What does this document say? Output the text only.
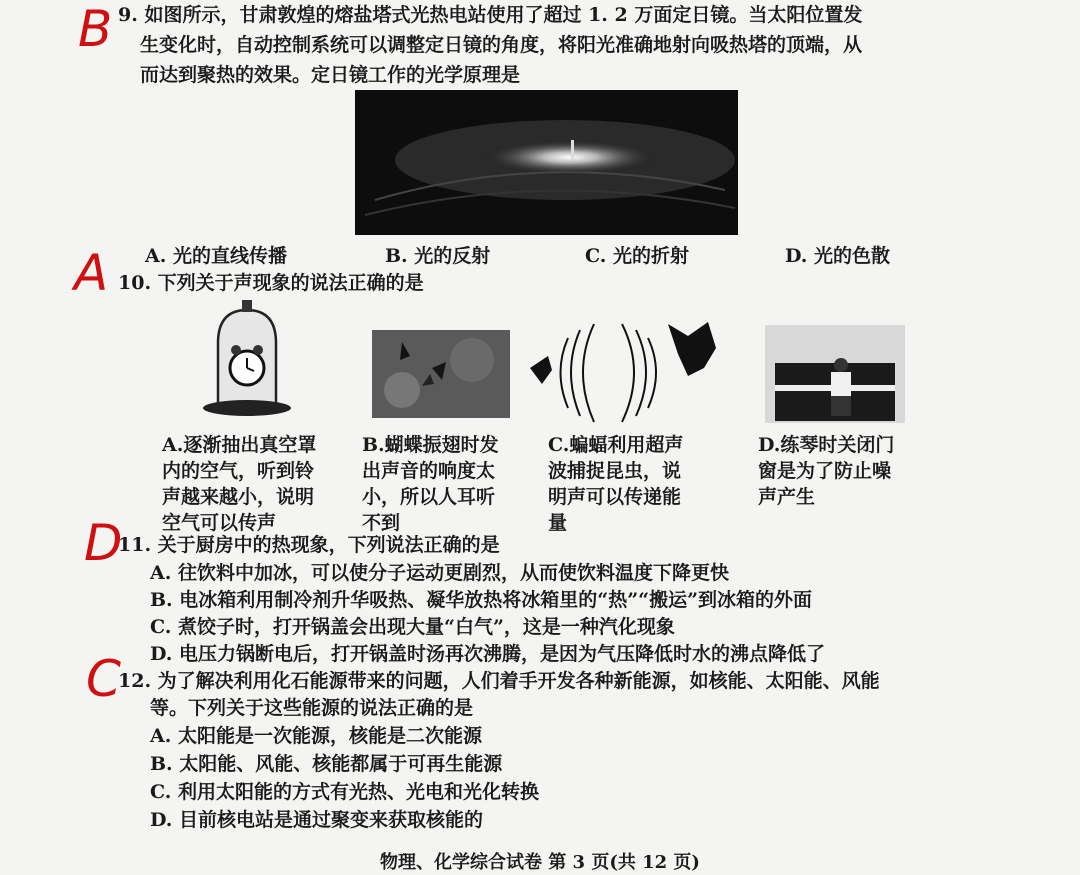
B
A
D
C
9. 如图所示，甘肃敦煌的熔盐塔式光热电站使用了超过 1. 2 万面定日镜。当太阳位置发
生变化时，自动控制系统可以调整定日镜的角度，将阳光准确地射向吸热塔的顶端，从
而达到聚热的效果。定日镜工作的光学原理是
A. 光的直线传播	B. 光的反射	C. 光的折射	D. 光的色散
10. 下列关于声现象的说法正确的是
A.逐渐抽出真空罩
内的空气，听到铃
声越来越小，说明
空气可以传声
B.蝴蝶振翅时发
出声音的响度太
小，所以人耳听
不到
C.蝙蝠利用超声
波捕捉昆虫，说
明声可以传递能
量
D.练琴时关闭门
窗是为了防止噪
声产生
11. 关于厨房中的热现象，下列说法正确的是
A. 往饮料中加冰，可以使分子运动更剧烈，从而使饮料温度下降更快
B. 电冰箱利用制冷剂升华吸热、凝华放热将冰箱里的“热”“搬运”到冰箱的外面
C. 煮饺子时，打开锅盖会出现大量“白气”，这是一种汽化现象
D. 电压力锅断电后，打开锅盖时汤再次沸腾，是因为气压降低时水的沸点降低了
12. 为了解决利用化石能源带来的问题，人们着手开发各种新能源，如核能、太阳能、风能
等。下列关于这些能源的说法正确的是
A. 太阳能是一次能源，核能是二次能源
B. 太阳能、风能、核能都属于可再生能源
C. 利用太阳能的方式有光热、光电和光化转换
D. 目前核电站是通过聚变来获取核能的
物理、化学综合试卷 第 3 页(共 12 页)
